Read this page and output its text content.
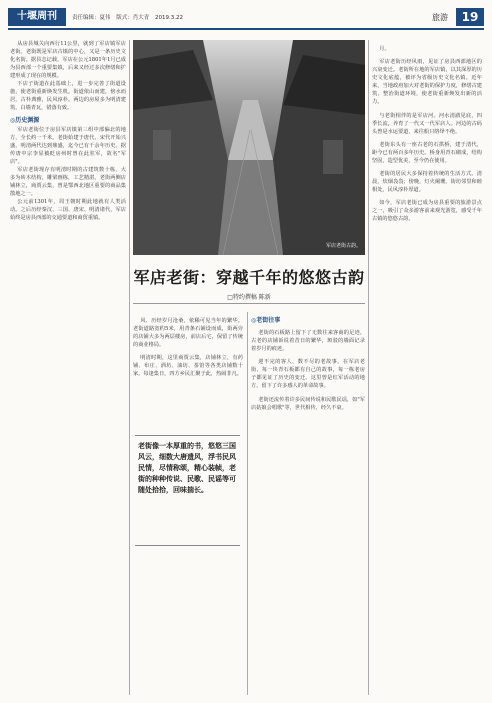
十堰周刊	责任编辑：夏伟 版式：肖大青 2019.3.22	旅游	19

从房县城关向西行11公里，就到了军店镇军店老街。老街既是军店古镇的中心，又是一条历史文化名街。据县志记载，军店在公元1801年1月已成为县西部一个重要集镇，后来又经过多次修缮和扩建形成了现在的规模。

下店子街道在此基础上，进一步完善了街道设施，使老街重新焕发生机。街道依山而建，傍水而居，古朴典雅，民风淳朴。两边的房屋多为明清建筑，白墙青瓦，错落有致。

◎历史渊源

军店老街位于房县军店镇第三组中部偏北的地方，全长约一千米。老街始建于唐代，宋代开始兴盛，明清两代达到鼎盛，迄今已有千余年历史。据传唐中宗李显被贬房州时曾在此驻军，故名"军店"。

军店老街现存有明清时期的古建筑数十栋，大多为砖木结构，雕梁画栋，工艺精湛。老街两侧店铺林立，商贾云集，曾是鄂西北地区重要的商品集散地之一。

公元前1301年，周王朝时期此地就有人类活动。之后历经秦汉、三国、唐宋、明清诸代，军店始终是房县西部的交通要道和商贸重镇。

军店老街古韵。
军店老街：穿越千年的悠悠古韵
□特约撰稿 陈新

风、历经岁月沧桑，依稀可见当年的繁华。老街道路宽约5米，用青条石铺设而成，街两旁的店铺大多为两层楼房，前店后宅，保留了传统的商业格局。

明清时期，这里商贾云集，店铺林立，有药铺、布庄、酒坊、油坊、茶馆等各类店铺数十家。每逢集日，四方乡民汇聚于此，热闹非凡。

老街像一本厚重的书，悠悠三国风云，细数大唐遗风，浮书民风民情，尽情称颂，精心装帧，老街的种种传说、民歌、民谣等可随处拾拾，回味揣长。
◎老街往事

老街的石板路上留下了无数往来客商的足迹。古老的店铺诉说着昔日的繁华，斑驳的墙面记录着岁月的痕迹。

迎不完的客人，数不尽的老故事。在军店老街，每一块青石板都有自己的故事，每一栋老房子都见证了历史的变迁。这里曾是红军活动的地方，留下了许多感人的革命故事。

老街还流传着许多民间传说和民歌民谣，如"军店姑娘会唱歌"等，世代相传，经久不衰。

月。

军店老街历经风雨，见证了房县西部地区的兴衰变迁。老街所在地的军店镇，以其深厚的历史文化底蕴，被评为省级历史文化名镇。近年来，当地政府加大对老街的保护力度，修缮古建筑，整治街道环境，使老街重新焕发出新的活力。

与老街相伴的是军店河。河水清澈见底，四季长流，养育了一代又一代军店人。河边的古码头曾是水运要道，来往船只络绎不绝。

老街东头有一座古老的石拱桥，建于清代，距今已有两百多年历史。桥身用青石砌成，结构坚固，造型优美，至今仍在使用。

老街的居民大多保持着传统的生活方式。清晨，炊烟袅袅；傍晚，灯火阑珊。街坊邻里和睦相处，民风淳朴厚道。

如今，军店老街已成为房县重要的旅游景点之一，吸引了众多游客前来观光游览，感受千年古镇的悠悠古韵。
